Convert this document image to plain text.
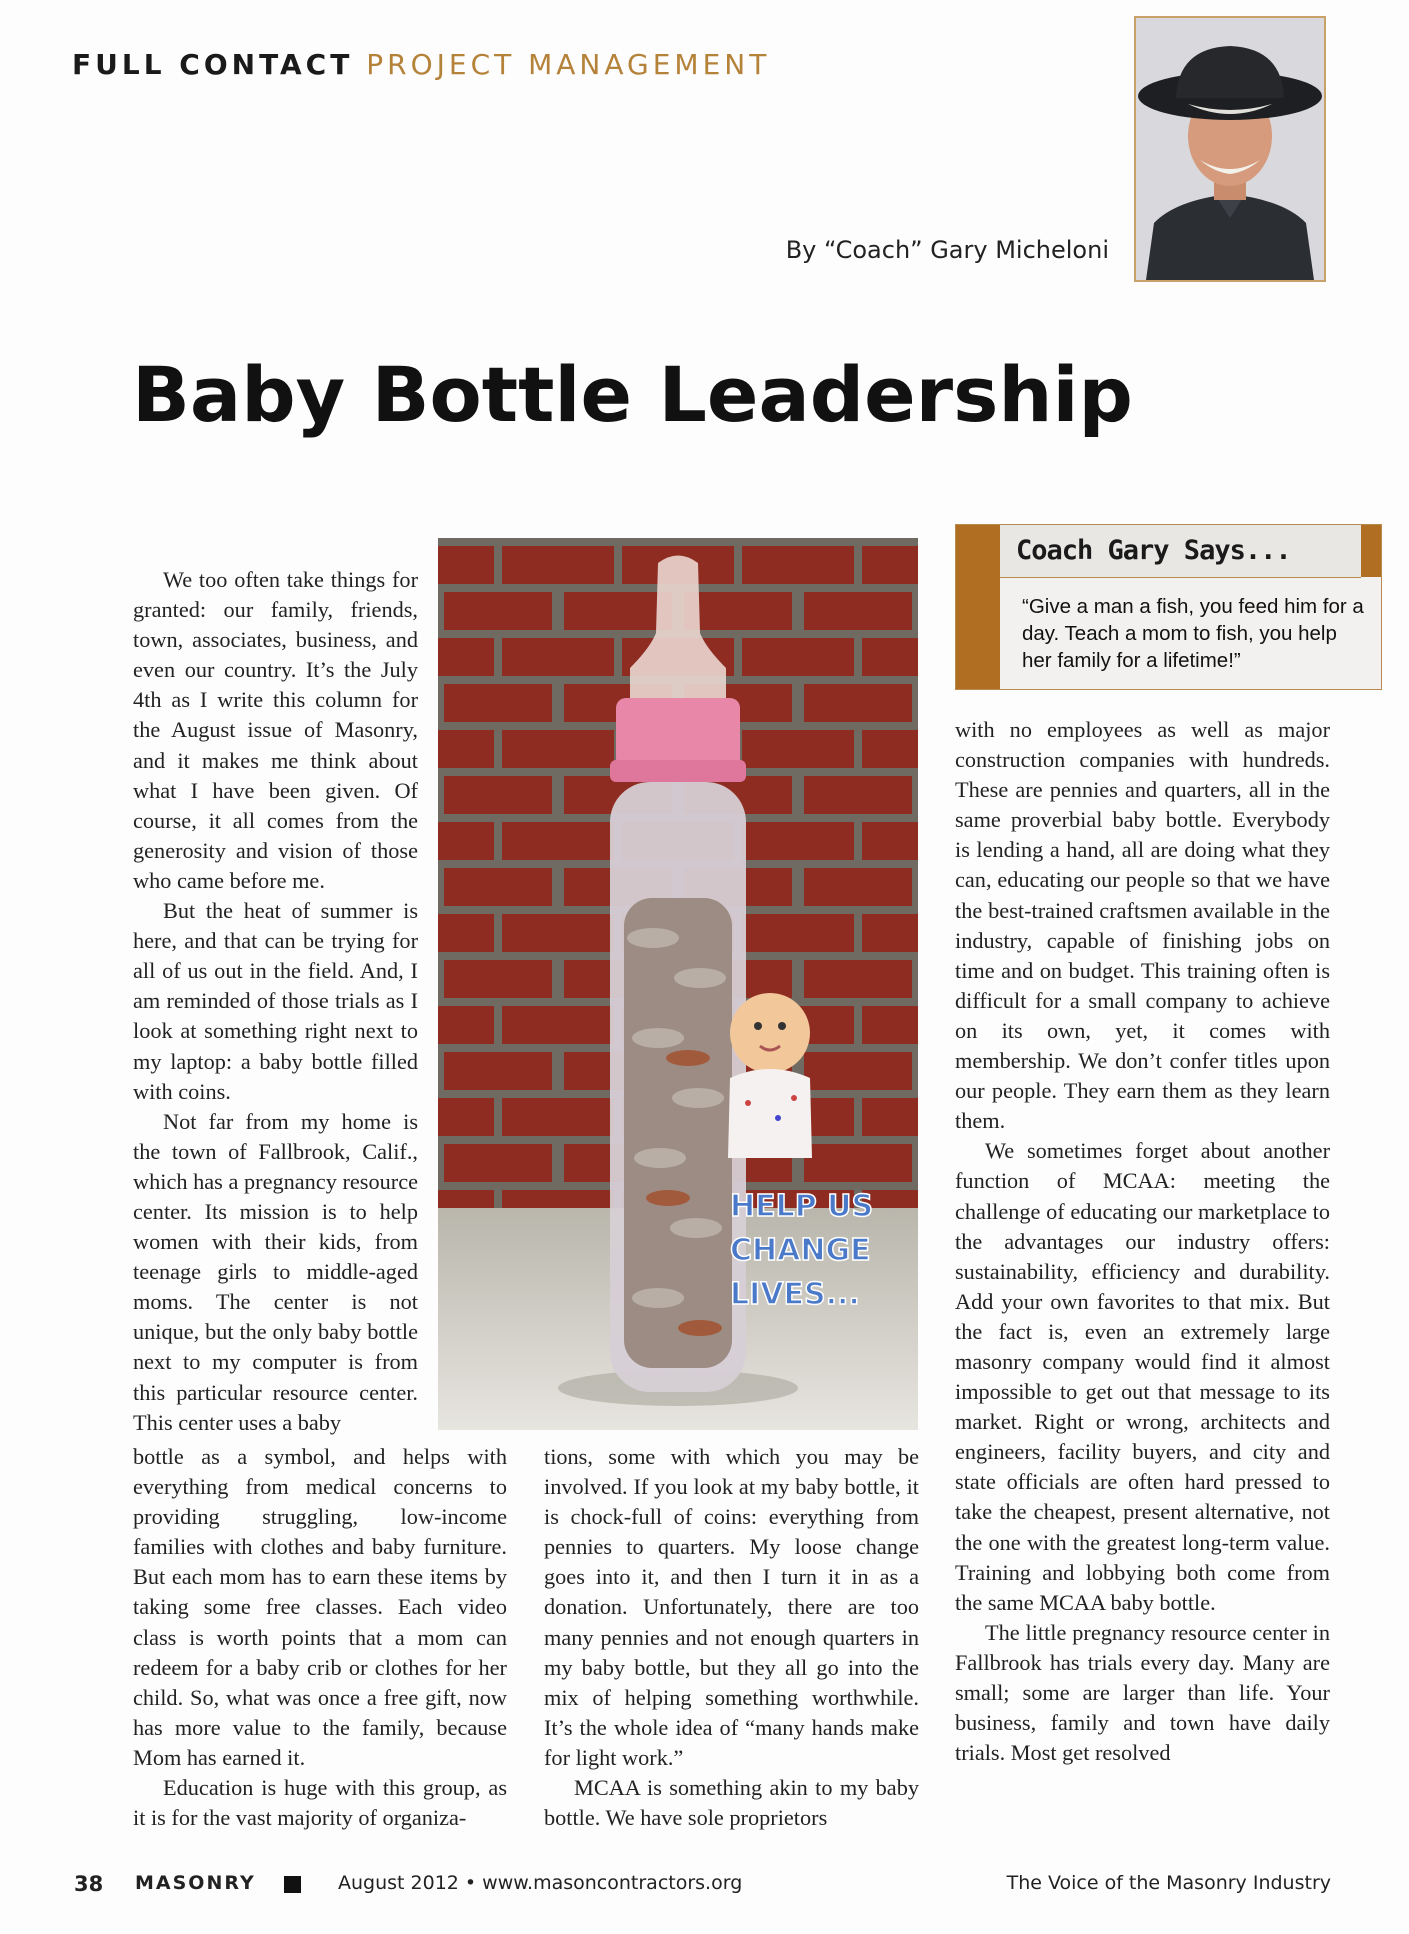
FULL CONTACT PROJECT MANAGEMENT
By “Coach” Gary Micheloni
Baby Bottle Leadership
HELP US
CHANGE
LIVES...

We too often take things for granted: our family, friends, town, associates, business, and even our country. It’s the July 4th as I write this column for the August issue of Masonry, and it makes me think about what I have been given. Of course, it all comes from the generosity and vision of those who came before me.

But the heat of summer is here, and that can be trying for all of us out in the field. And, I am reminded of those trials as I look at something right next to my laptop: a baby bottle filled with coins.

Not far from my home is the town of Fallbrook, Calif., which has a pregnancy resource center. Its mission is to help women with their kids, from teenage girls to middle-aged moms. The center is not unique, but the only baby bottle next to my computer is from this particular resource center. This center uses a baby

bottle as a symbol, and helps with everything from medical concerns to providing struggling, low-income families with clothes and baby furniture. But each mom has to earn these items by taking some free classes. Each video class is worth points that a mom can redeem for a baby crib or clothes for her child. So, what was once a free gift, now has more value to the family, because Mom has earned it.

Education is huge with this group, as it is for the vast majority of organiza-

tions, some with which you may be involved. If you look at my baby bottle, it is chock-full of coins: everything from pennies to quarters. My loose change goes into it, and then I turn it in as a donation. Unfortunately, there are too many pennies and not enough quarters in my baby bottle, but they all go into the mix of helping something worthwhile. It’s the whole idea of “many hands make for light work.”

MCAA is something akin to my baby bottle. We have sole proprietors

Coach Gary Says...
“Give a man a fish, you feed him for a day. Teach a mom to fish, you help her family for a lifetime!”

with no employees as well as major construction companies with hundreds. These are pennies and quarters, all in the same proverbial baby bottle. Everybody is lending a hand, all are doing what they can, educating our people so that we have the best-trained craftsmen available in the industry, capable of finishing jobs on time and on budget. This training often is difficult for a small company to achieve on its own, yet, it comes with membership. We don’t confer titles upon our people. They earn them as they learn them.

We sometimes forget about another function of MCAA: meeting the challenge of educating our marketplace to the advantages our industry offers: sustainability, efficiency and durability. Add your own favorites to that mix. But the fact is, even an extremely large masonry company would find it almost impossible to get out that message to its market. Right or wrong, architects and engineers, facility buyers, and city and state officials are often hard pressed to take the cheapest, present alternative, not the one with the greatest long-term value. Training and lobbying both come from the same MCAA baby bottle.

The little pregnancy resource center in Fallbrook has trials every day. Many are small; some are larger than life. Your business, family and town have daily trials. Most get resolved

38 MASONRY	August 2012 • www.masoncontractors.org	The Voice of the Masonry Industry
